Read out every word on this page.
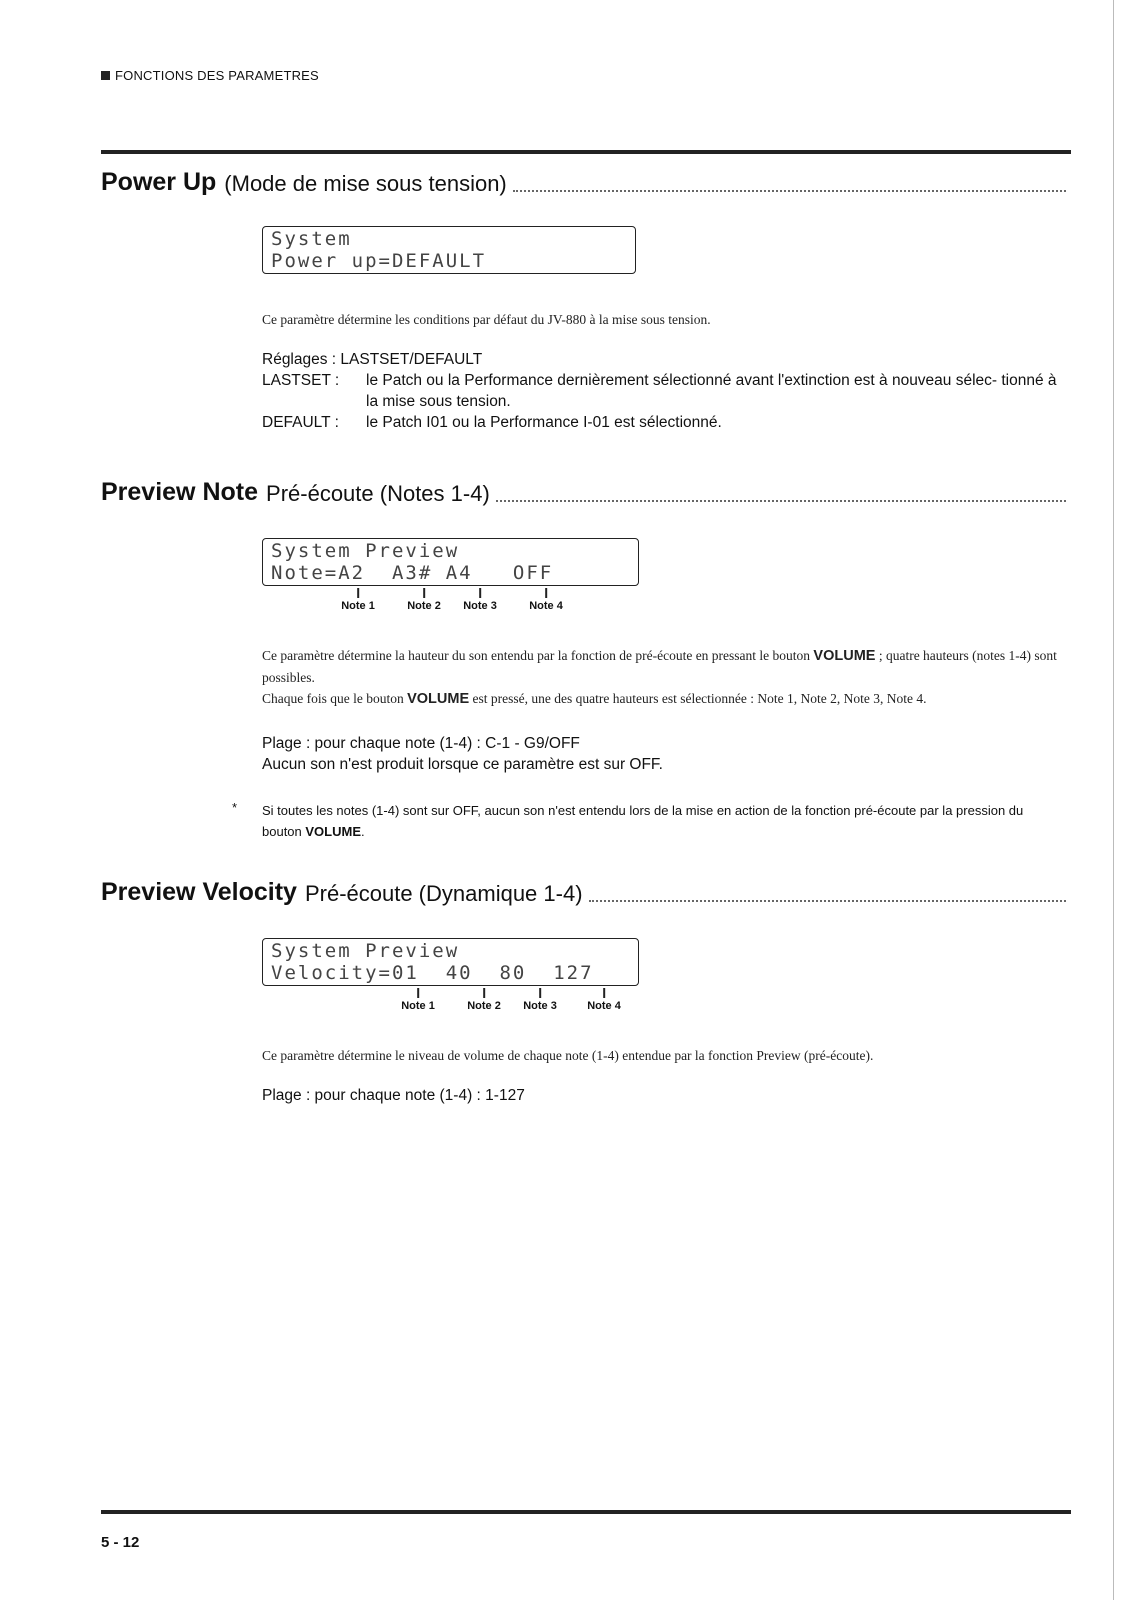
FONCTIONS DES PARAMETRES
Power Up (Mode de mise sous tension)
System
Power up=DEFAULT
Ce paramètre détermine les conditions par défaut du JV-880 à la mise sous tension.
Réglages : LASTSET/DEFAULT
LASTSET :	le Patch ou la Performance dernièrement sélectionné avant l'extinction est à nouveau sélec- tionné à la mise sous tension.
DEFAULT :	le Patch I01 ou la Performance I-01 est sélectionné.
Preview Note Pré-écoute (Notes 1-4)
System Preview
Note=A2  A3# A4   OFF
Note 1	Note 2 Note 3	Note 4
Ce paramètre détermine la hauteur du son entendu par la fonction de pré-écoute en pressant le bouton VOLUME ; quatre hauteurs (notes 1-4) sont possibles.
Chaque fois que le bouton VOLUME est pressé, une des quatre hauteurs est sélectionnée : Note 1, Note 2, Note 3, Note 4.
Plage : pour chaque note (1-4) : C-1 - G9/OFF
Aucun son n'est produit lorsque ce paramètre est sur OFF.
*	Si toutes les notes (1-4) sont sur OFF, aucun son n'est entendu lors de la mise en action de la fonction pré-écoute par la pression du bouton VOLUME.
Preview Velocity Pré-écoute (Dynamique 1-4)
System Preview
Velocity=01  40  80  127
Note 1	Note 2 Note 3	Note 4
Ce paramètre détermine le niveau de volume de chaque note (1-4) entendue par la fonction Preview (pré-écoute).
Plage : pour chaque note (1-4) : 1-127
5 - 12
